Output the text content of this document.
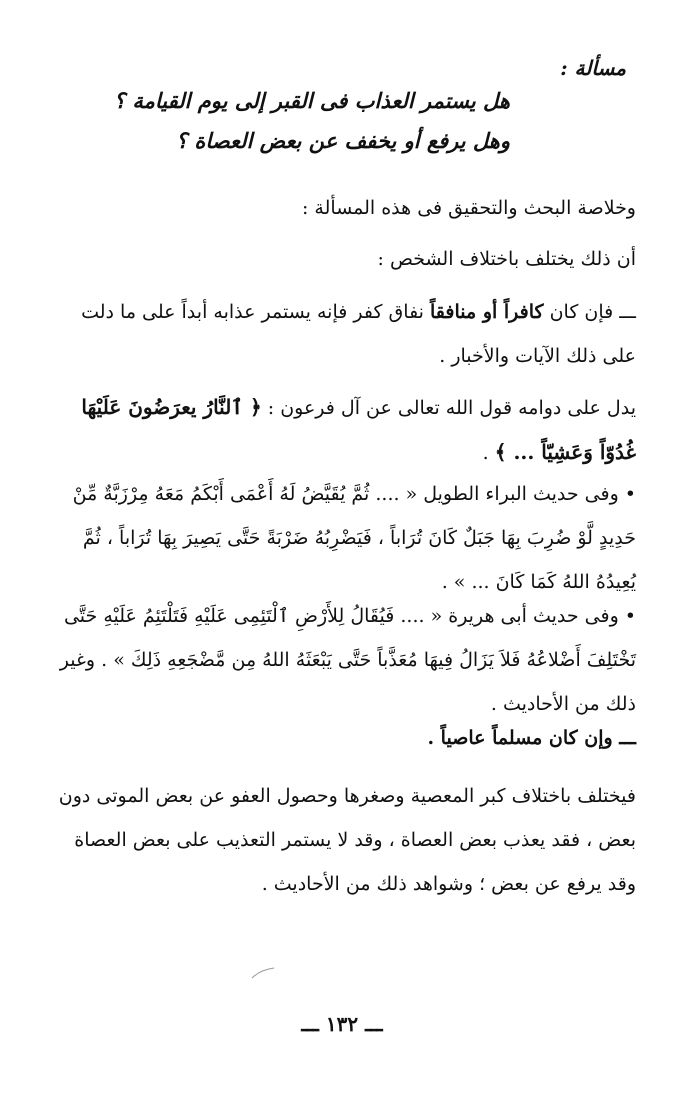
مسألة :
هل يستمر العذاب فى القبر إلى يوم القيامة ؟
وهل يرفع أو يخفف عن بعض العصاة ؟

وخلاصة البحث والتحقيق فى هذه المسألة :

أن ذلك يختلف باختلاف الشخص :

ـــ فإن كان كافراً أو منافقاً نفاق كفر فإنه يستمر عذابه أبداً على ما دلت على ذلك الآيات والأخبار .

يدل على دوامه قول الله تعالى عن آل فرعون : ﴿ ٱلنَّارُ يعرَضُونَ عَلَيْهَا غُدُوّاً وَعَشِيّاً ... ﴾ .

• وفى حديث البراء الطويل « .... ثُمَّ يُقَيَّضُ لَهُ أَعْمَى أَبْكَمُ مَعَهُ مِرْزَبَّةٌ مِّنْ حَدِيدٍ لَّوْ ضُرِبَ بِهَا جَبَلٌ كَانَ تُرَاباً ، فَيَضْرِبُهُ ضَرْبَةً حَتَّى يَصِيرَ بِهَا تُرَاباً ، ثُمَّ يُعِيدُهُ اللهُ كَمَا كَانَ ... » .

• وفى حديث أبى هريرة « .... فَيُقَالُ لِلأَرْضِ ٱلْتَئِمِى عَلَيْهِ فَتَلْتَئِمُ عَلَيْهِ حَتَّى تَخْتَلِفَ أَضْلاعُهُ فَلاَ يَزَالُ فِيهَا مُعَذَّباً حَتَّى يَبْعَثَهُ اللهُ مِن مَّضْجَعِهِ ذَلِكَ » . وغير ذلك من الأحاديث .

ـــ وإن كان مسلماً عاصياً .

فيختلف باختلاف كبر المعصية وصغرها وحصول العفو عن بعض الموتى دون بعض ، فقد يعذب بعض العصاة ، وقد لا يستمر التعذيب على بعض العصاة وقد يرفع عن بعض ؛ وشواهد ذلك من الأحاديث .

ـــ ١٣٢ ـــ
